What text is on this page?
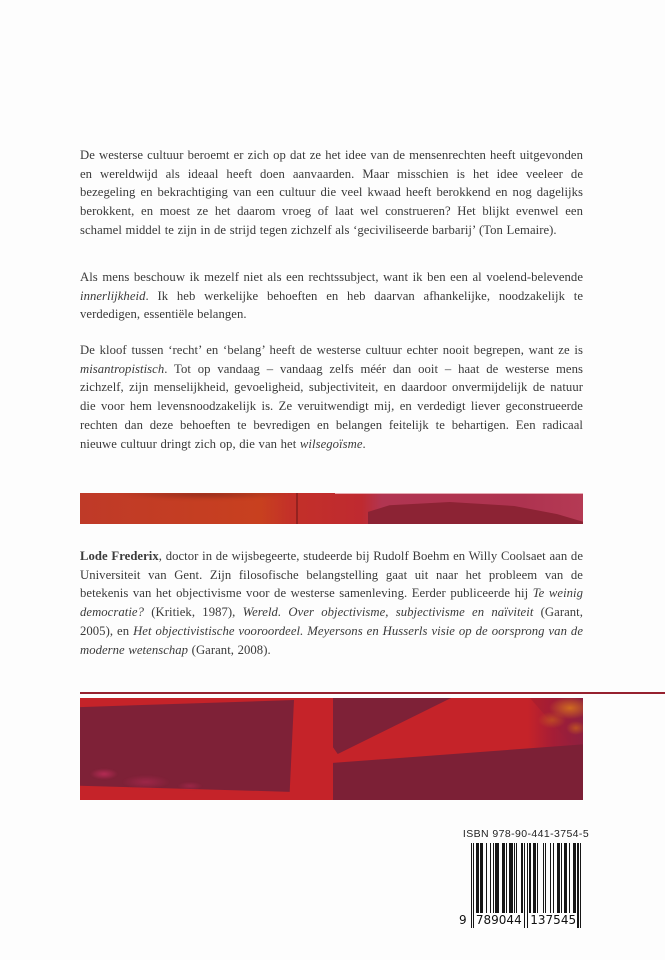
De westerse cultuur beroemt er zich op dat ze het idee van de mensenrechten heeft uitgevonden en wereldwijd als ideaal heeft doen aanvaarden. Maar misschien is het idee veeleer de bezegeling en bekrachtiging van een cultuur die veel kwaad heeft berokkend en nog dagelijks berokkent, en moest ze het daarom vroeg of laat wel construeren? Het blijkt evenwel een schamel middel te zijn in de strijd tegen zichzelf als ‘geciviliseerde barbarij’ (Ton Lemaire).

Als mens beschouw ik mezelf niet als een rechtssubject, want ik ben een al voelend-belevende innerlijkheid. Ik heb werkelijke behoeften en heb daarvan afhankelijke, noodzakelijk te verdedigen, essentiële belangen.

De kloof tussen ‘recht’ en ‘belang’ heeft de westerse cultuur echter nooit begrepen, want ze is misantropistisch. Tot op vandaag – vandaag zelfs méér dan ooit – haat de westerse mens zichzelf, zijn menselijkheid, gevoeligheid, subjectiviteit, en daardoor onvermijdelijk de natuur die voor hem levensnoodzakelijk is. Ze veruitwendigt mij, en verdedigt liever geconstrueerde rechten dan deze behoeften te bevredigen en belangen feitelijk te behartigen. Een radicaal nieuwe cultuur dringt zich op, die van het wilsegoïsme.

Lode Frederix, doctor in de wijsbegeerte, studeerde bij Rudolf Boehm en Willy Coolsaet aan de Universiteit van Gent. Zijn filosofische belangstelling gaat uit naar het probleem van de betekenis van het objectivisme voor de westerse samenleving. Eerder publiceerde hij Te weinig democratie? (Kritiek, 1987), Wereld. Over objectivisme, subjectivisme en naïviteit (Garant, 2005), en Het objectivistische vooroordeel. Meyersons en Husserls visie op de oorsprong van de moderne wetenschap (Garant, 2008).

ISBN 978-90-441-3754-5
789044 137545
9
